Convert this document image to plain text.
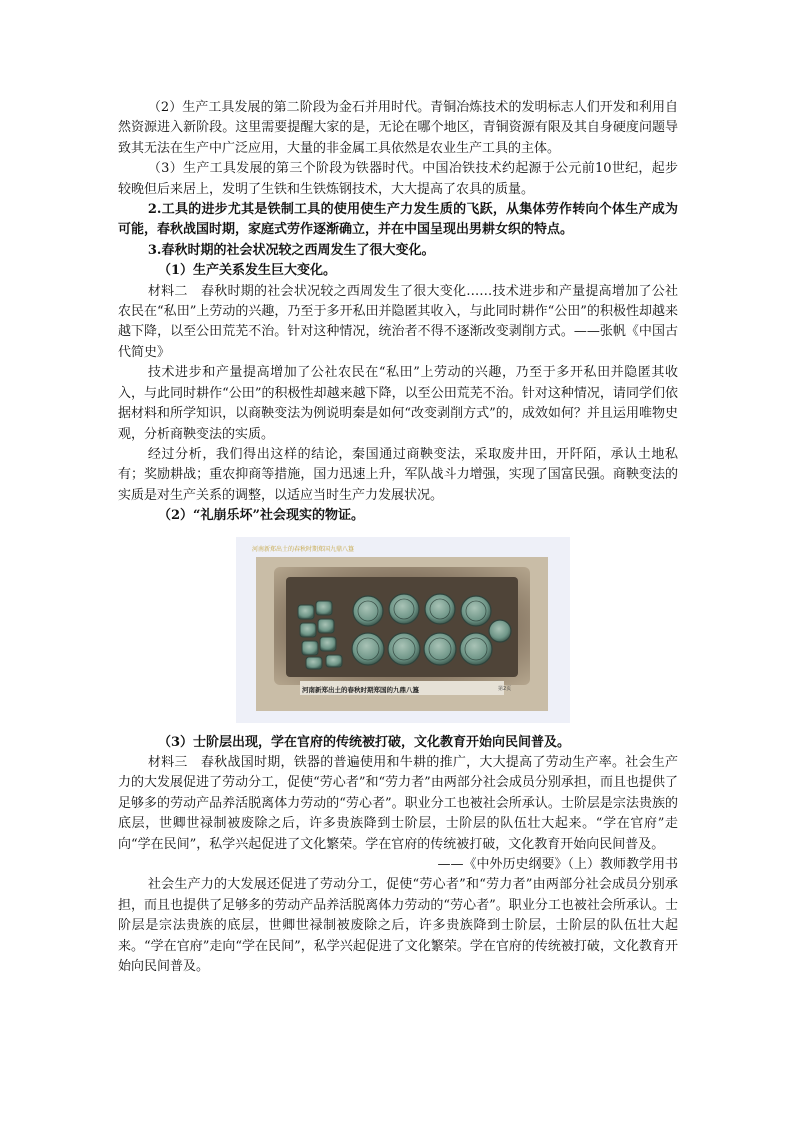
（2）生产工具发展的第二阶段为金石并用时代。青铜冶炼技术的发明标志人们开发和利用自然资源进入新阶段。这里需要提醒大家的是，无论在哪个地区，青铜资源有限及其自身硬度问题导致其无法在生产中广泛应用，大量的非金属工具依然是农业生产工具的主体。

（3）生产工具发展的第三个阶段为铁器时代。中国冶铁技术约起源于公元前10世纪，起步较晚但后来居上，发明了生铁和生铁炼钢技术，大大提高了农具的质量。

2.工具的进步尤其是铁制工具的使用使生产力发生质的飞跃，从集体劳作转向个体生产成为可能，春秋战国时期，家庭式劳作逐渐确立，并在中国呈现出男耕女织的特点。

3.春秋时期的社会状况较之西周发生了很大变化。

（1）生产关系发生巨大变化。

材料二　春秋时期的社会状况较之西周发生了很大变化……技术进步和产量提高增加了公社农民在“私田”上劳动的兴趣，乃至于多开私田并隐匿其收入，与此同时耕作“公田”的积极性却越来越下降，以至公田荒芜不治。针对这种情况，统治者不得不逐渐改变剥削方式。——张帆《中国古代简史》

技术进步和产量提高增加了公社农民在“私田”上劳动的兴趣，乃至于多开私田并隐匿其收入，与此同时耕作“公田”的积极性却越来越下降，以至公田荒芜不治。针对这种情况，请同学们依据材料和所学知识，以商鞅变法为例说明秦是如何“改变剥削方式”的，成效如何？并且运用唯物史观，分析商鞅变法的实质。

经过分析，我们得出这样的结论，秦国通过商鞅变法，采取废井田，开阡陌，承认土地私有；奖励耕战；重农抑商等措施，国力迅速上升，军队战斗力增强，实现了国富民强。商鞅变法的实质是对生产关系的调整，以适应当时生产力发展状况。

（2）“礼崩乐坏”社会现实的物证。

河南新郑出土的春秋时期郑国九鼎八簋
河南新郑出土的春秋时期郑国的九鼎八簋	第2页

（3）士阶层出现，学在官府的传统被打破，文化教育开始向民间普及。

材料三　春秋战国时期，铁器的普遍使用和牛耕的推广，大大提高了劳动生产率。社会生产力的大发展促进了劳动分工，促使“劳心者”和“劳力者”由两部分社会成员分别承担，而且也提供了足够多的劳动产品养活脱离体力劳动的“劳心者”。职业分工也被社会所承认。士阶层是宗法贵族的底层，世卿世禄制被废除之后，许多贵族降到士阶层，士阶层的队伍壮大起来。“学在官府”走向“学在民间”，私学兴起促进了文化繁荣。学在官府的传统被打破，文化教育开始向民间普及。

——《中外历史纲要》（上）教师教学用书

社会生产力的大发展还促进了劳动分工，促使“劳心者”和“劳力者”由两部分社会成员分别承担，而且也提供了足够多的劳动产品养活脱离体力劳动的“劳心者”。职业分工也被社会所承认。士阶层是宗法贵族的底层，世卿世禄制被废除之后，许多贵族降到士阶层，士阶层的队伍壮大起来。“学在官府”走向“学在民间”，私学兴起促进了文化繁荣。学在官府的传统被打破，文化教育开始向民间普及。
